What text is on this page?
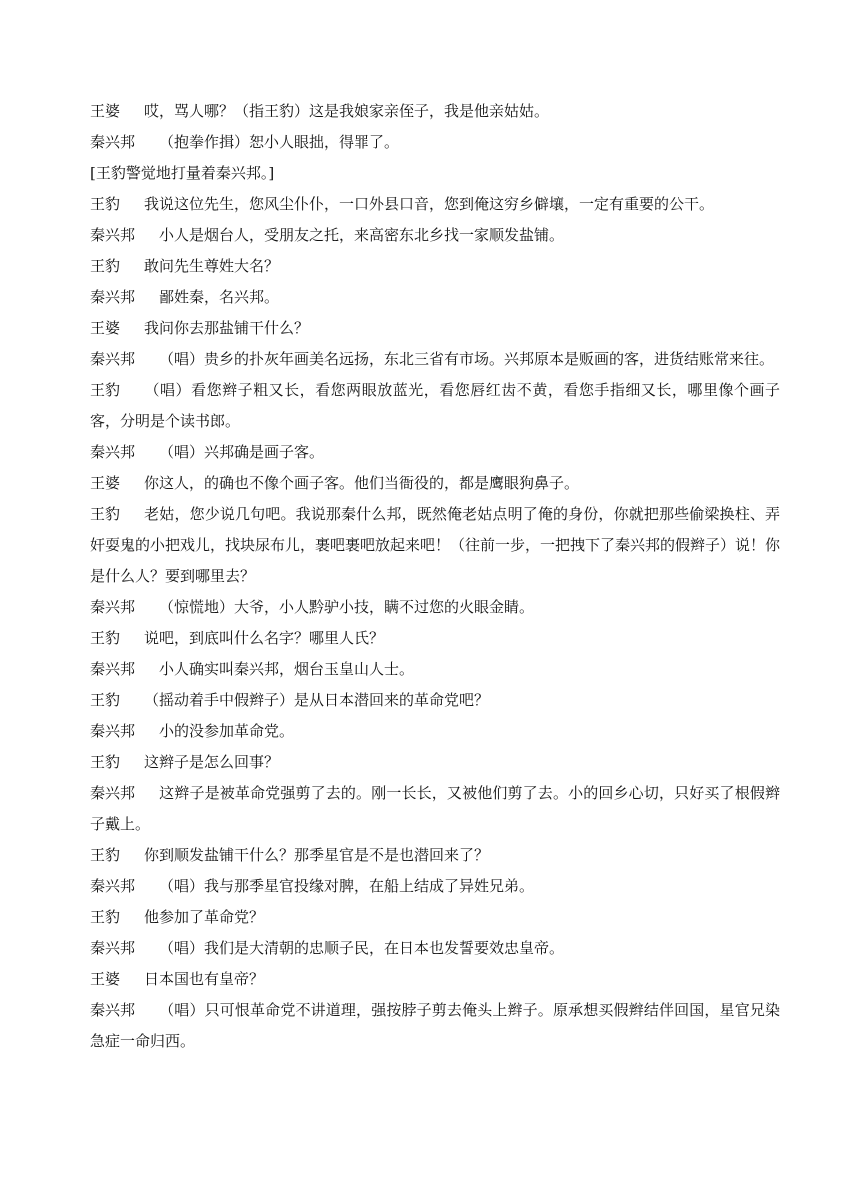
王婆 哎，骂人哪？（指王豹）这是我娘家亲侄子，我是他亲姑姑。

秦兴邦 （抱拳作揖）恕小人眼拙，得罪了。

[王豹警觉地打量着秦兴邦。]

王豹 我说这位先生，您风尘仆仆，一口外县口音，您到俺这穷乡僻壤，一定有重要的公干。

秦兴邦 小人是烟台人，受朋友之托，来高密东北乡找一家顺发盐铺。

王豹 敢问先生尊姓大名？

秦兴邦 鄙姓秦，名兴邦。

王婆 我问你去那盐铺干什么？

秦兴邦 （唱）贵乡的扑灰年画美名远扬，东北三省有市场。兴邦原本是贩画的客，进货结账常来往。

王豹 （唱）看您辫子粗又长，看您两眼放蓝光，看您唇红齿不黄，看您手指细又长，哪里像个画子客，分明是个读书郎。

秦兴邦 （唱）兴邦确是画子客。

王婆 你这人，的确也不像个画子客。他们当衙役的，都是鹰眼狗鼻子。

王豹 老姑，您少说几句吧。我说那秦什么邦，既然俺老姑点明了俺的身份，你就把那些偷梁换柱、弄奸耍鬼的小把戏儿，找块尿布儿，裹吧裹吧放起来吧！（往前一步，一把拽下了秦兴邦的假辫子）说！你是什么人？要到哪里去？

秦兴邦 （惊慌地）大爷，小人黔驴小技，瞒不过您的火眼金睛。

王豹 说吧，到底叫什么名字？哪里人氏？

秦兴邦 小人确实叫秦兴邦，烟台玉皇山人士。

王豹 （摇动着手中假辫子）是从日本潜回来的革命党吧？

秦兴邦 小的没参加革命党。

王豹 这辫子是怎么回事？

秦兴邦 这辫子是被革命党强剪了去的。刚一长长，又被他们剪了去。小的回乡心切，只好买了根假辫子戴上。

王豹 你到顺发盐铺干什么？那季星官是不是也潜回来了？

秦兴邦 （唱）我与那季星官投缘对脾，在船上结成了异姓兄弟。

王豹 他参加了革命党？

秦兴邦 （唱）我们是大清朝的忠顺子民，在日本也发誓要效忠皇帝。

王婆 日本国也有皇帝？

秦兴邦 （唱）只可恨革命党不讲道理，强按脖子剪去俺头上辫子。原承想买假辫结伴回国，星官兄染急症一命归西。
